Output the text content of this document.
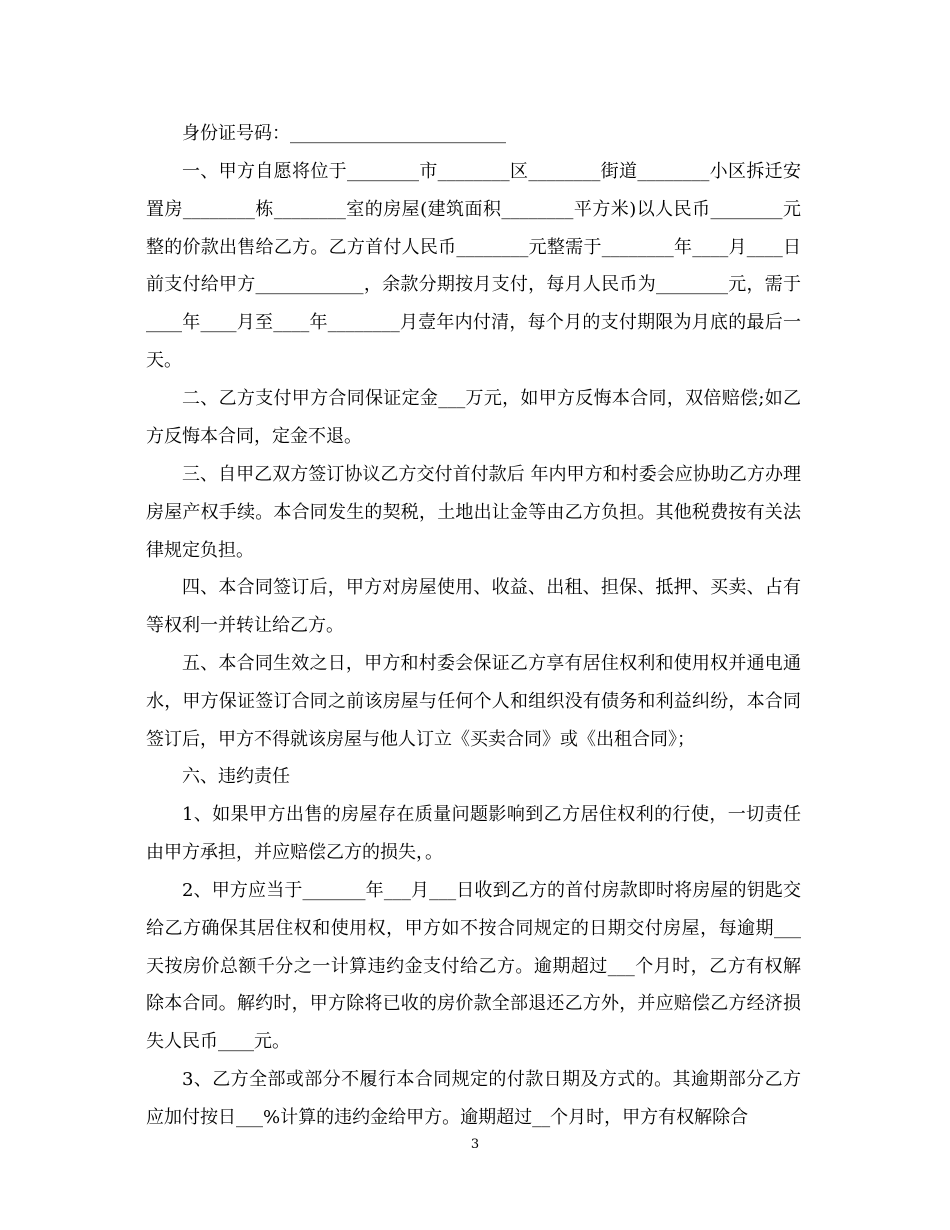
身份证号码：________________________

一、甲方自愿将位于________市________区________街道________小区拆迁安置房________栋________室的房屋(建筑面积________平方米)以人民币________元整的价款出售给乙方。乙方首付人民币________元整需于________年____月____日前支付给甲方____________，余款分期按月支付，每月人民币为________元，需于____年____月至____年________月壹年内付清，每个月的支付期限为月底的最后一天。

二、乙方支付甲方合同保证定金___万元，如甲方反悔本合同，双倍赔偿;如乙方反悔本合同，定金不退。

三、自甲乙双方签订协议乙方交付首付款后 年内甲方和村委会应协助乙方办理房屋产权手续。本合同发生的契税，土地出让金等由乙方负担。其他税费按有关法律规定负担。

四、本合同签订后，甲方对房屋使用、收益、出租、担保、抵押、买卖、占有等权利一并转让给乙方。

五、本合同生效之日，甲方和村委会保证乙方享有居住权利和使用权并通电通水，甲方保证签订合同之前该房屋与任何个人和组织没有债务和利益纠纷，本合同签订后，甲方不得就该房屋与他人订立《买卖合同》或《出租合同》；

六、违约责任

1、如果甲方出售的房屋存在质量问题影响到乙方居住权利的行使，一切责任由甲方承担，并应赔偿乙方的损失，。

2、甲方应当于_______年___月___日收到乙方的首付房款即时将房屋的钥匙交给乙方确保其居住权和使用权，甲方如不按合同规定的日期交付房屋，每逾期___天按房价总额千分之一计算违约金支付给乙方。逾期超过___个月时，乙方有权解除本合同。解约时，甲方除将已收的房价款全部退还乙方外，并应赔偿乙方经济损失人民币____元。

3、乙方全部或部分不履行本合同规定的付款日期及方式的。其逾期部分乙方应加付按日___%计算的违约金给甲方。逾期超过__个月时，甲方有权解除合

3
